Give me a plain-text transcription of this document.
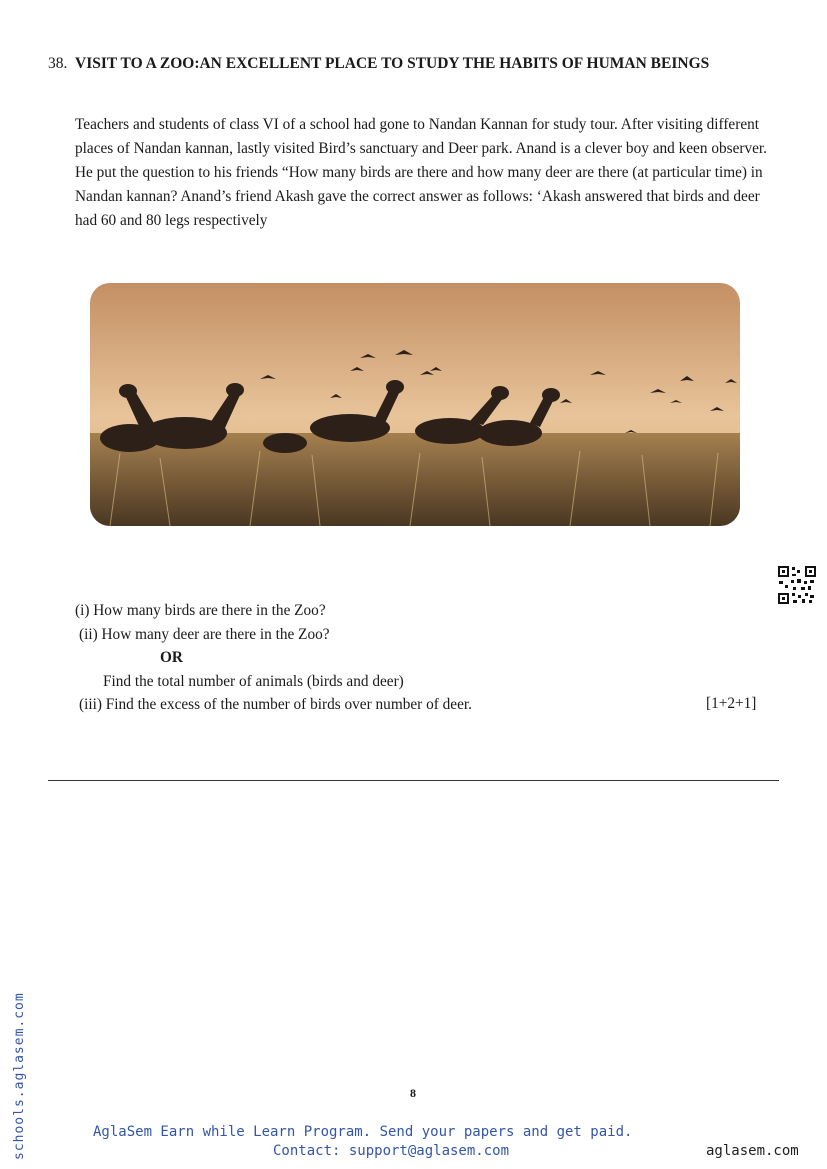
38. VISIT TO A ZOO:AN EXCELLENT PLACE TO STUDY THE HABITS OF HUMAN BEINGS
Teachers and students of class VI of a school had gone to Nandan Kannan for study tour. After visiting different places of Nandan kannan, lastly visited Bird’s sanctuary and Deer park. Anand is a clever boy and keen observer. He put the question to his friends “How many birds are there and how many deer are there (at particular time) in Nandan kannan? Anand’s friend Akash gave the correct answer as follows: ‘Akash answered that birds and deer had 60 and 80 legs respectively
(i) How many birds are there in the Zoo?
(ii) How many deer are there in the Zoo?
OR
Find the total number of animals (birds and deer)
(iii) Find the excess of the number of birds over number of deer.	[1+2+1]
schools.aglasem.com	8
AglaSem Earn while Learn Program. Send your papers and get paid.
Contact: support@aglasem.com	aglasem.com
